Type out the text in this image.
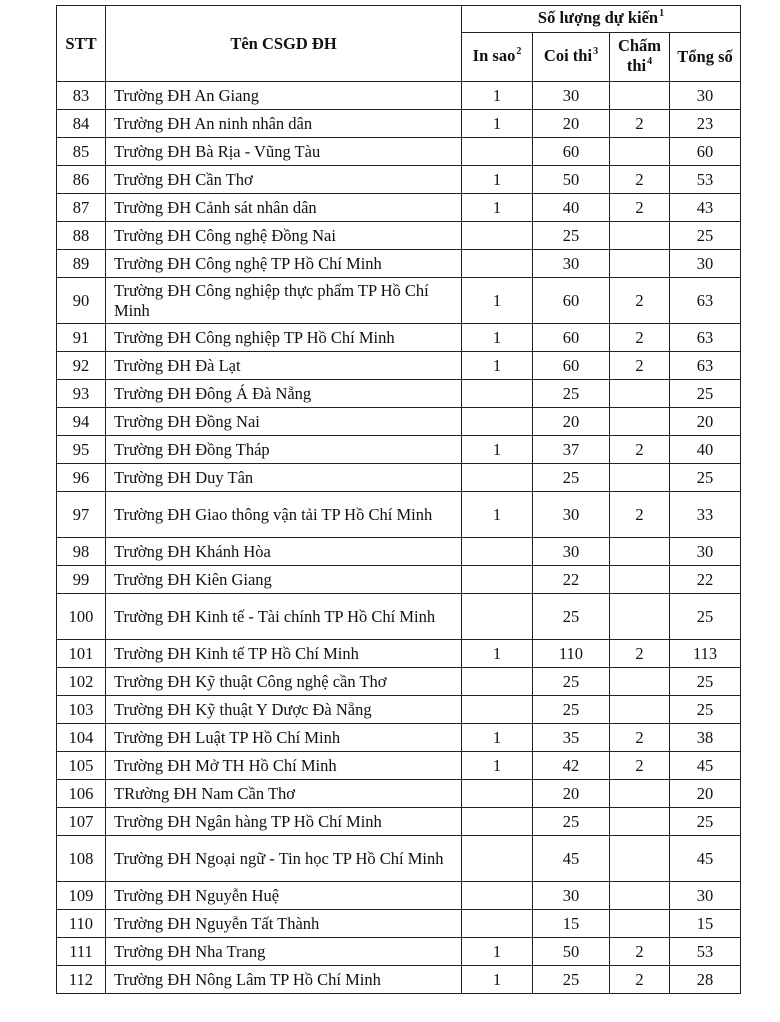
STT	Tên CSGD ĐH	Số lượng dự kiến$^1$
		In sao$^2$	Coi thi$^3$	Chấm thi$^4$	Tổng số
83	Trường ĐH An Giang	1	30		30
84	Trường ĐH An ninh nhân dân	1	20	2	23
85	Trường ĐH Bà Rịa - Vũng Tàu		60		60
86	Trường ĐH Cần Thơ	1	50	2	53
87	Trường ĐH Cảnh sát nhân dân	1	40	2	43
88	Trường ĐH Công nghệ Đồng Nai		25		25
89	Trường ĐH Công nghệ TP Hồ Chí Minh		30		30
90	Trường ĐH Công nghiệp thực phẩm TP Hồ Chí Minh	1	60	2	63
91	Trường ĐH Công nghiệp TP Hồ Chí Minh	1	60	2	63
92	Trường ĐH Đà Lạt	1	60	2	63
93	Trường ĐH Đông Á Đà Nẵng		25		25
94	Trường ĐH Đồng Nai		20		20
95	Trường ĐH Đồng Tháp	1	37	2	40
96	Trường ĐH Duy Tân		25		25
97	Trường ĐH Giao thông vận tải TP Hồ Chí Minh	1	30	2	33
98	Trường ĐH Khánh Hòa		30		30
99	Trường ĐH Kiên Giang		22		22
100	Trường ĐH Kinh tế - Tài chính TP Hồ Chí Minh		25		25
101	Trường ĐH Kinh tế TP Hồ Chí Minh	1	110	2	113
102	Trường ĐH Kỹ thuật Công nghệ cần Thơ		25		25
103	Trường ĐH Kỹ thuật Y Dược Đà Nẵng		25		25
104	Trường ĐH Luật TP Hồ Chí Minh	1	35	2	38
105	Trường ĐH Mở TH Hồ Chí Minh	1	42	2	45
106	TRường ĐH Nam Cần Thơ		20		20
107	Trường ĐH Ngân hàng TP Hồ Chí Minh		25		25
108	Trường ĐH Ngoại ngữ - Tin học TP Hồ Chí Minh		45		45
109	Trường ĐH Nguyễn Huệ		30		30
110	Trường ĐH Nguyễn Tất Thành		15		15
111	Trường ĐH Nha Trang	1	50	2	53
112	Trường ĐH Nông Lâm TP Hồ Chí Minh	1	25	2	28
